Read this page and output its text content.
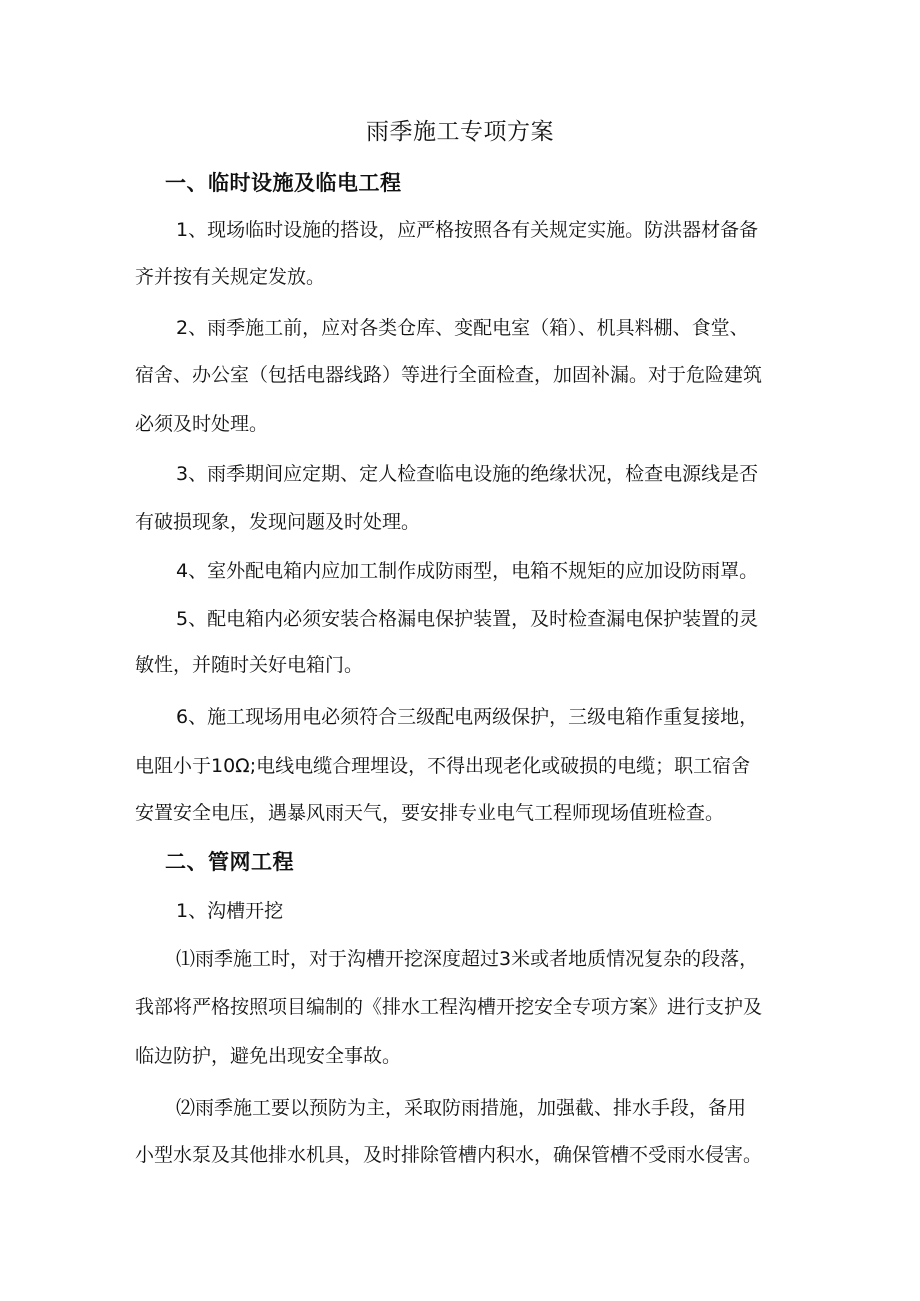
雨季施工专项方案
一、临时设施及临电工程
1、现场临时设施的搭设，应严格按照各有关规定实施。防洪器材备备
齐并按有关规定发放。
2、雨季施工前，应对各类仓库、变配电室（箱）、机具料棚、食堂、
宿舍、办公室（包括电器线路）等进行全面检查，加固补漏。对于危险建筑
必须及时处理。
3、雨季期间应定期、定人检查临电设施的绝缘状况，检查电源线是否
有破损现象，发现问题及时处理。
4、室外配电箱内应加工制作成防雨型，电箱不规矩的应加设防雨罩。
5、配电箱内必须安装合格漏电保护装置，及时检查漏电保护装置的灵
敏性，并随时关好电箱门。
6、施工现场用电必须符合三级配电两级保护，三级电箱作重复接地，
电阻小于10Ω;电线电缆合理埋设，不得出现老化或破损的电缆；职工宿舍
安置安全电压，遇暴风雨天气，要安排专业电气工程师现场值班检查。
二、管网工程
1、沟槽开挖
⑴雨季施工时，对于沟槽开挖深度超过3米或者地质情况复杂的段落，
我部将严格按照项目编制的《排水工程沟槽开挖安全专项方案》进行支护及
临边防护，避免出现安全事故。
⑵雨季施工要以预防为主，采取防雨措施，加强截、排水手段，备用
小型水泵及其他排水机具，及时排除管槽内积水，确保管槽不受雨水侵害。
